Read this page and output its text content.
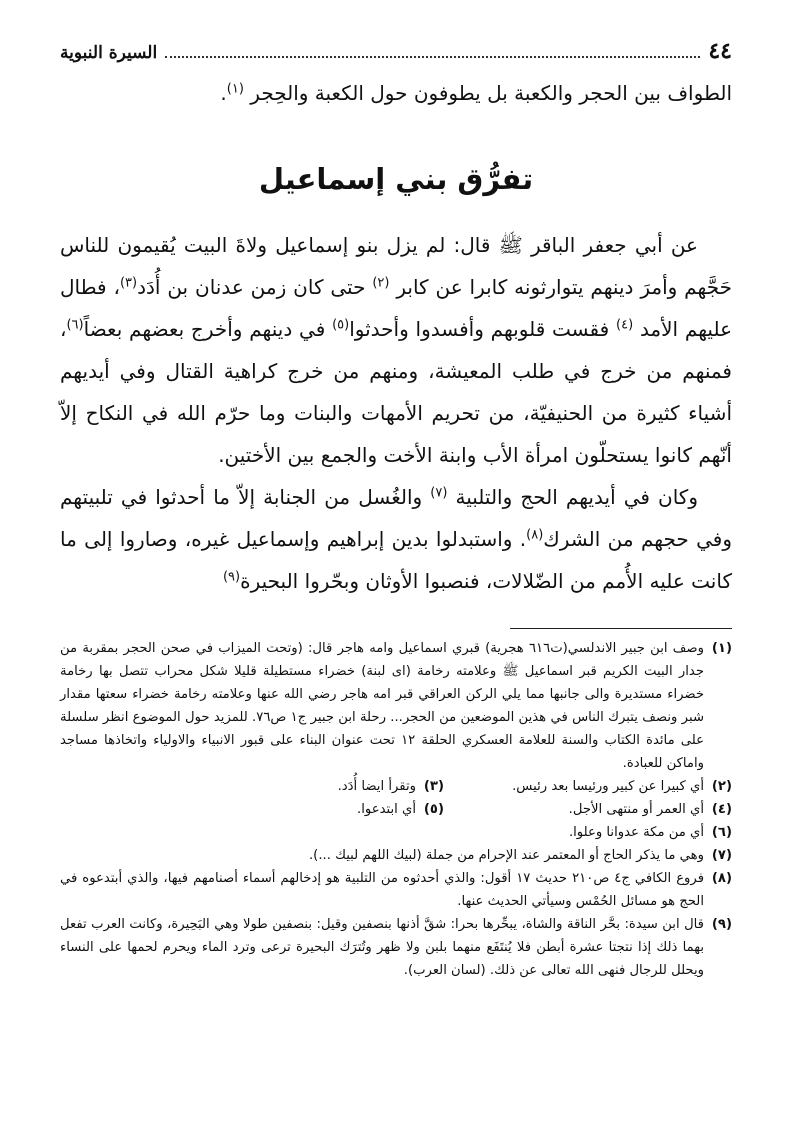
٤٤
السيرة النبوية

الطواف بين الحجر والكعبة بل يطوفون حول الكعبة والحِجر $^{(١)}$.

تفرُّق بني إسماعيل

عن أبي جعفر الباقر ﷺ قال: لم يزل بنو إسماعيل ولاةَ البيت يُقيمون للناس حَجَّهم وأمرَ دينهم يتوارثونه كابرا عن كابر $^{(٢)}$ حتى كان زمن عدنان بن أُدَد$^{(٣)}$، فطال عليهم الأمد $^{(٤)}$ فقست قلوبهم وأفسدوا وأحدثوا$^{(٥)}$ في دينهم وأخرج بعضهم بعضاً$^{(٦)}$، فمنهم من خرج في طلب المعيشة، ومنهم من خرج كراهية القتال وفي أيديهم أشياء كثيرة من الحنيفيّة، من تحريم الأمهات والبنات وما حرّم الله في النكاح إلاّ أنّهم كانوا يستحلّون امرأة الأب وابنة الأخت والجمع بين الأختين.

وكان في أيديهم الحج والتلبية $^{(٧)}$ والغُسل من الجنابة إلاّ ما أحدثوا في تلبيتهم وفي حجهم من الشرك$^{(٨)}$. واستبدلوا بدين إبراهيم وإسماعيل غيره، وصاروا إلى ما كانت عليه الأُمم من الضّلالات، فنصبوا الأوثان وبحّروا البحيرة$^{(٩)}$

(١)وصف ابن جبير الاندلسي(ت٦١٦ هجرية) قبري اسماعيل وامه هاجر قال: (وتحت الميزاب في صحن الحجر بمقربة من جدار البيت الكريم قبر اسماعيل ﷺ وعلامته رخامة (اى لبنة) خضراء مستطيلة قليلا شكل محراب تتصل بها رخامة خضراء مستديرة والى جانبها مما يلي الركن العراقي قبر امه هاجر رضي الله عنها وعلامته رخامة خضراء سعتها مقدار شبر ونصف يتبرك الناس في هذين الموضعين من الحجر... رحلة ابن جبير ج١ ص٧٦. للمزيد حول الموضوع انظر سلسلة على مائدة الكتاب والسنة للعلامة العسكري الحلقة ١٢ تحت عنوان البناء على قبور الانبياء والاولياء واتخاذها مساجد واماكن للعبادة.

(٢)أي كبيرا عن كبير ورئيسا بعد رئيس.

(٣)وتقرأ ايضا أُدَد.

(٤)أي العمر أو منتهى الأجل.

(٥)أي ابتدعوا.

(٦)أي من مكة عدوانا وعلوا.

(٧)وهي ما يذكر الحاج أو المعتمر عند الإحرام من جملة (لبيك اللهم لبيك ...).

(٨)فروع الكافي ج٤ ص٢١٠ حديث ١٧ أقول: والذي أحدثوه من التلبية هو إدخالهم أسماء أصنامهم فيها، والذي أبتدعوه في الحج هو مسائل الحُمْس وسيأتي الحديث عنها.

(٩)قال ابن سيدة: بحَّر الناقة والشاة، يبحِّرها بحرا: شقَّ أذنها بنصفين وقيل: بنصفين طولا وهي البَحِيرة، وكانت العرب تفعل بهما ذلك إذا نتجتا عشرة أبطن فلا يُنتَفَع منهما بلبن ولا ظهر وتُترَك البحيرة ترعى وترد الماء ويحرم لحمها على النساء ويحلل للرجال فنهى الله تعالى عن ذلك. (لسان العرب).
